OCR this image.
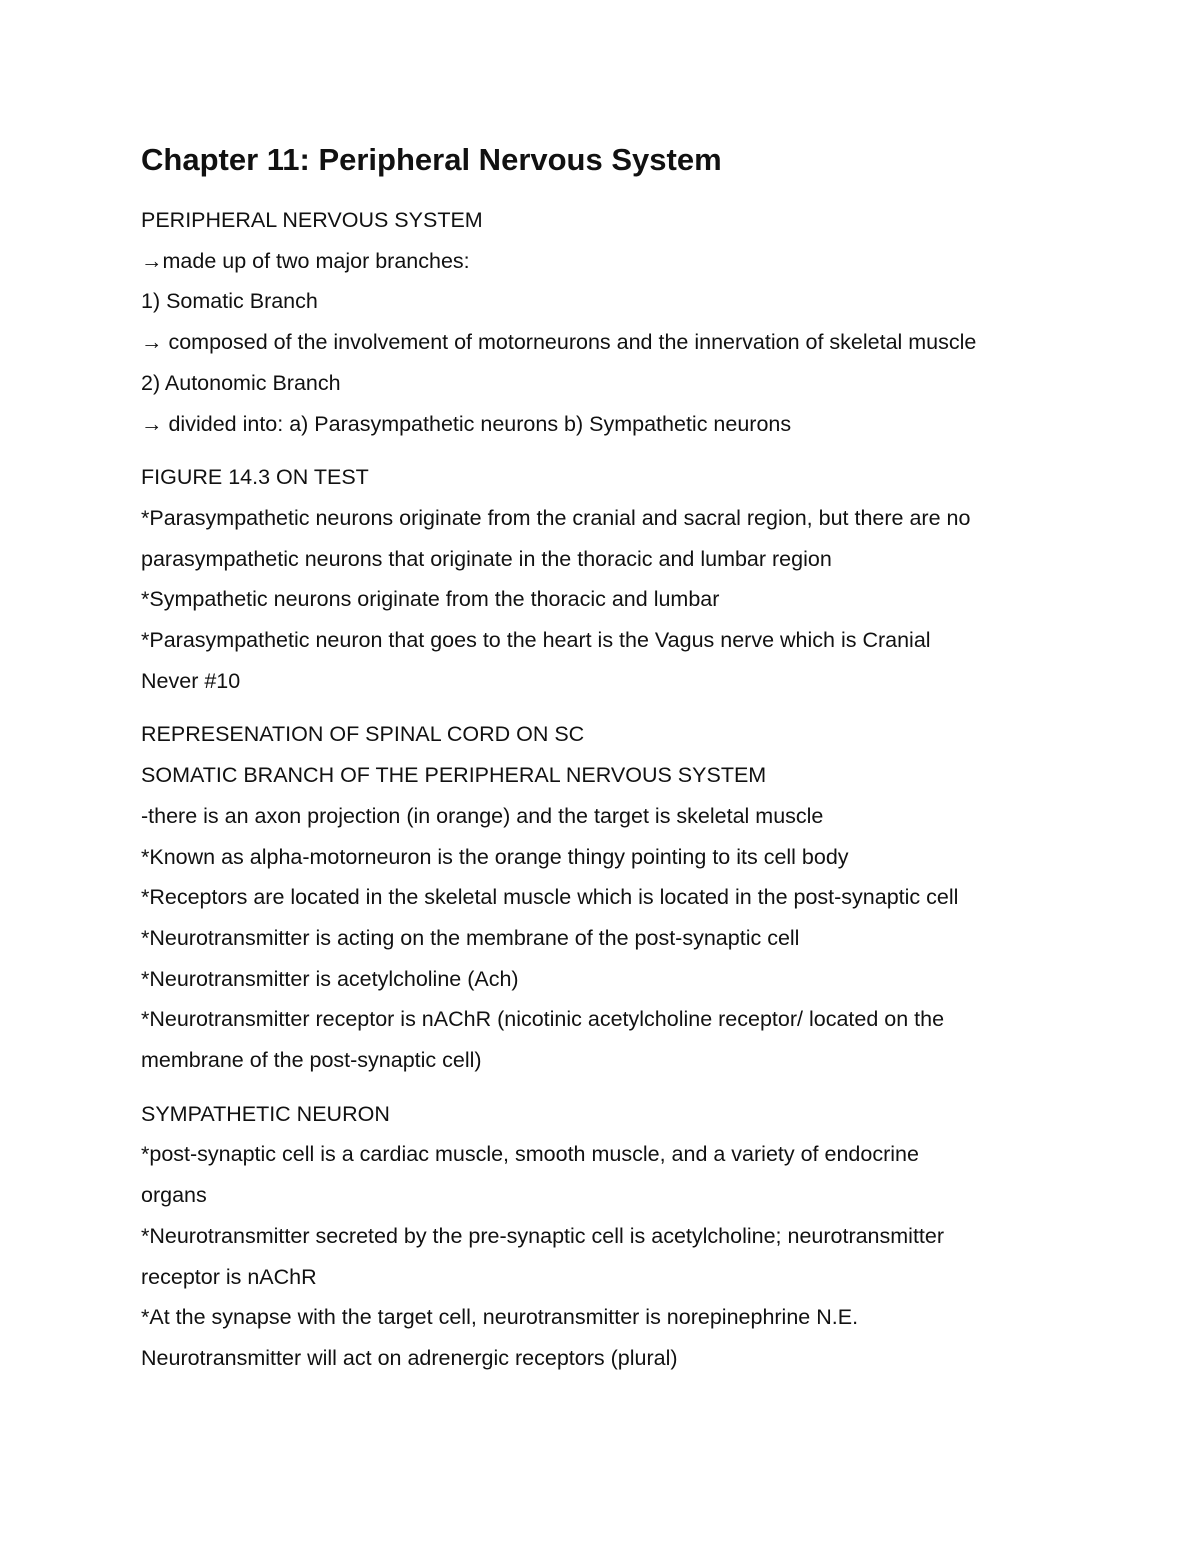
Chapter 11: Peripheral Nervous System
PERIPHERAL NERVOUS SYSTEM
→made up of two major branches:
1) Somatic Branch
→ composed of the involvement of motorneurons and the innervation of skeletal muscle
2) Autonomic Branch
→ divided into: a) Parasympathetic neurons b) Sympathetic neurons
FIGURE 14.3 ON TEST
*Parasympathetic neurons originate from the cranial and sacral region, but there are no
parasympathetic neurons that originate in the thoracic and lumbar region
*Sympathetic neurons originate from the thoracic and lumbar
*Parasympathetic neuron that goes to the heart is the Vagus nerve which is Cranial
Never #10
REPRESENATION OF SPINAL CORD ON SC
SOMATIC BRANCH OF THE PERIPHERAL NERVOUS SYSTEM
-there is an axon projection (in orange) and the target is skeletal muscle
*Known as alpha-motorneuron is the orange thingy pointing to its cell body
*Receptors are located in the skeletal muscle which is located in the post-synaptic cell
*Neurotransmitter is acting on the membrane of the post-synaptic cell
*Neurotransmitter is acetylcholine (Ach)
*Neurotransmitter receptor is nAChR (nicotinic acetylcholine receptor/ located on the
membrane of the post-synaptic cell)
SYMPATHETIC NEURON
*post-synaptic cell is a cardiac muscle, smooth muscle, and a variety of endocrine
organs
*Neurotransmitter secreted by the pre-synaptic cell is acetylcholine; neurotransmitter
receptor is nAChR
*At the synapse with the target cell, neurotransmitter is norepinephrine N.E.
Neurotransmitter will act on adrenergic receptors (plural)
